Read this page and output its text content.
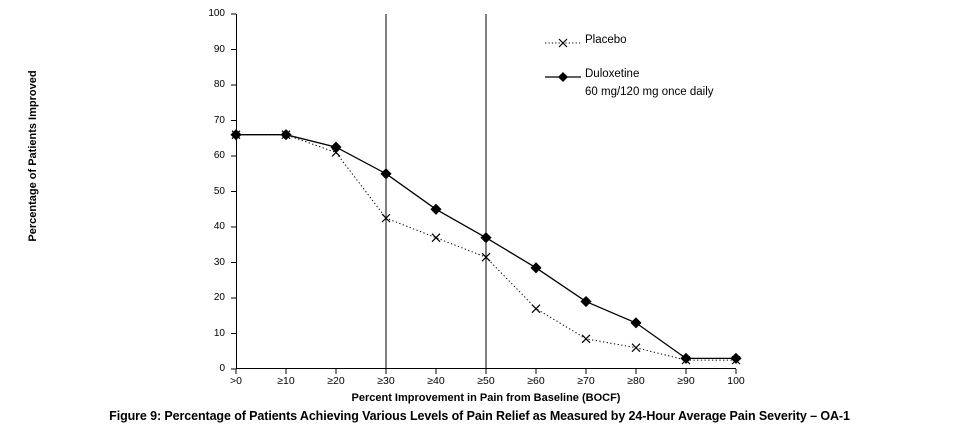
0
10
20
30
40
50
60
70
80
90
100
>0	≥10	≥20	≥30	≥40	≥50	≥60	≥70	≥80	≥90	100
Percentage of Patients Improved
Percent Improvement in Pain from Baseline (BOCF)
Placebo
Duloxetine
60 mg/120 mg once daily
Figure 9: Percentage of Patients Achieving Various Levels of Pain Relief as Measured by 24-Hour Average Pain Severity – OA-1
